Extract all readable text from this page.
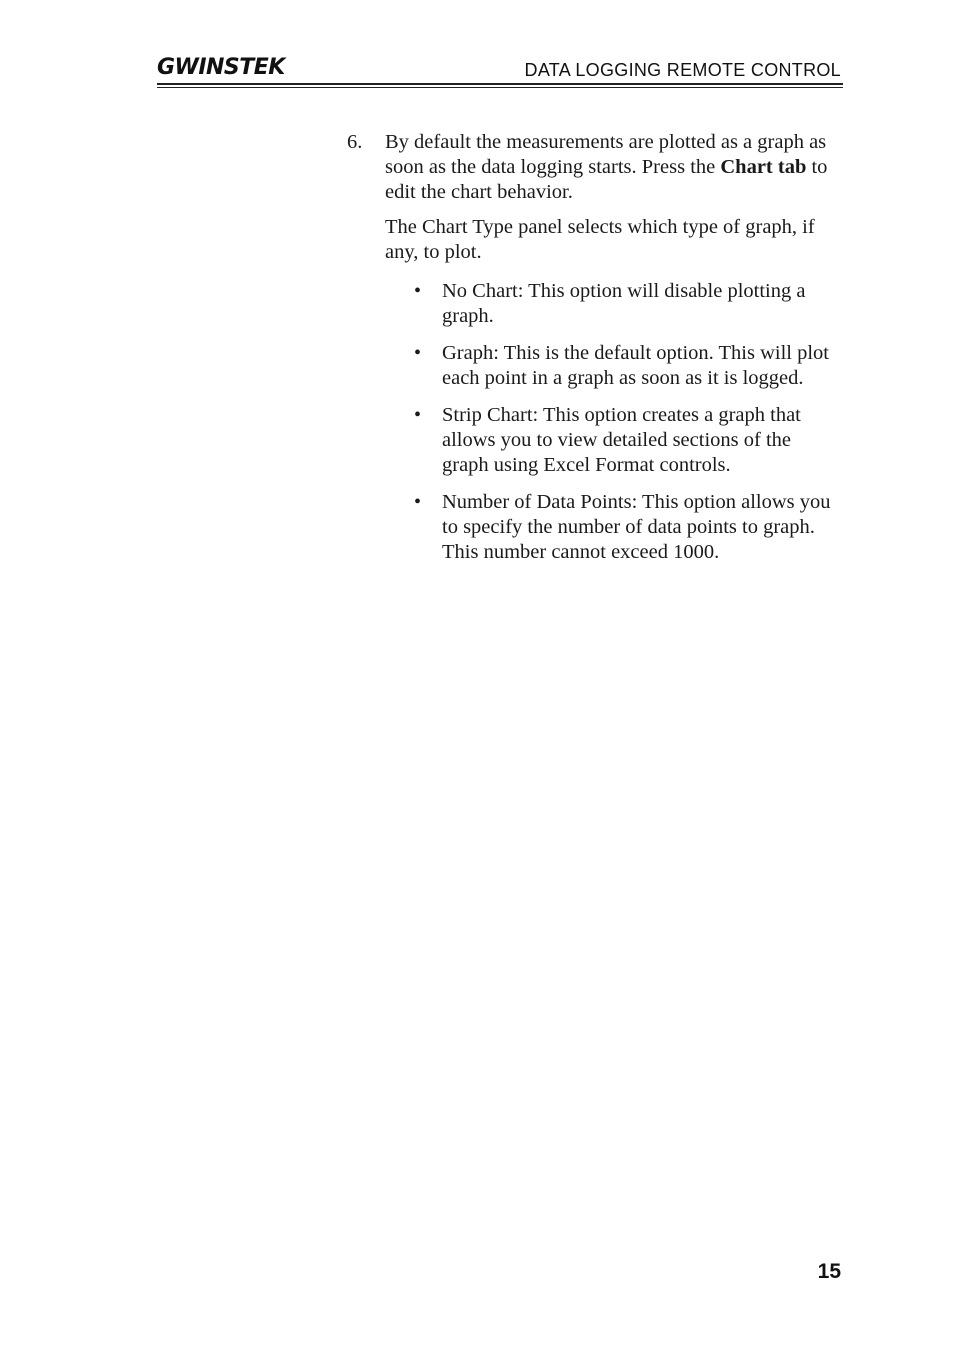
GWINSTEK	DATA LOGGING REMOTE CONTROL
6. By default the measurements are plotted as a graph as soon as the data logging starts. Press the Chart tab to edit the chart behavior.

The Chart Type panel selects which type of graph, if any, to plot.

• No Chart: This option will disable plotting a graph.
• Graph: This is the default option. This will plot each point in a graph as soon as it is logged.
• Strip Chart: This option creates a graph that allows you to view detailed sections of the graph using Excel Format controls.
• Number of Data Points: This option allows you to specify the number of data points to graph. This number cannot exceed 1000.
15
